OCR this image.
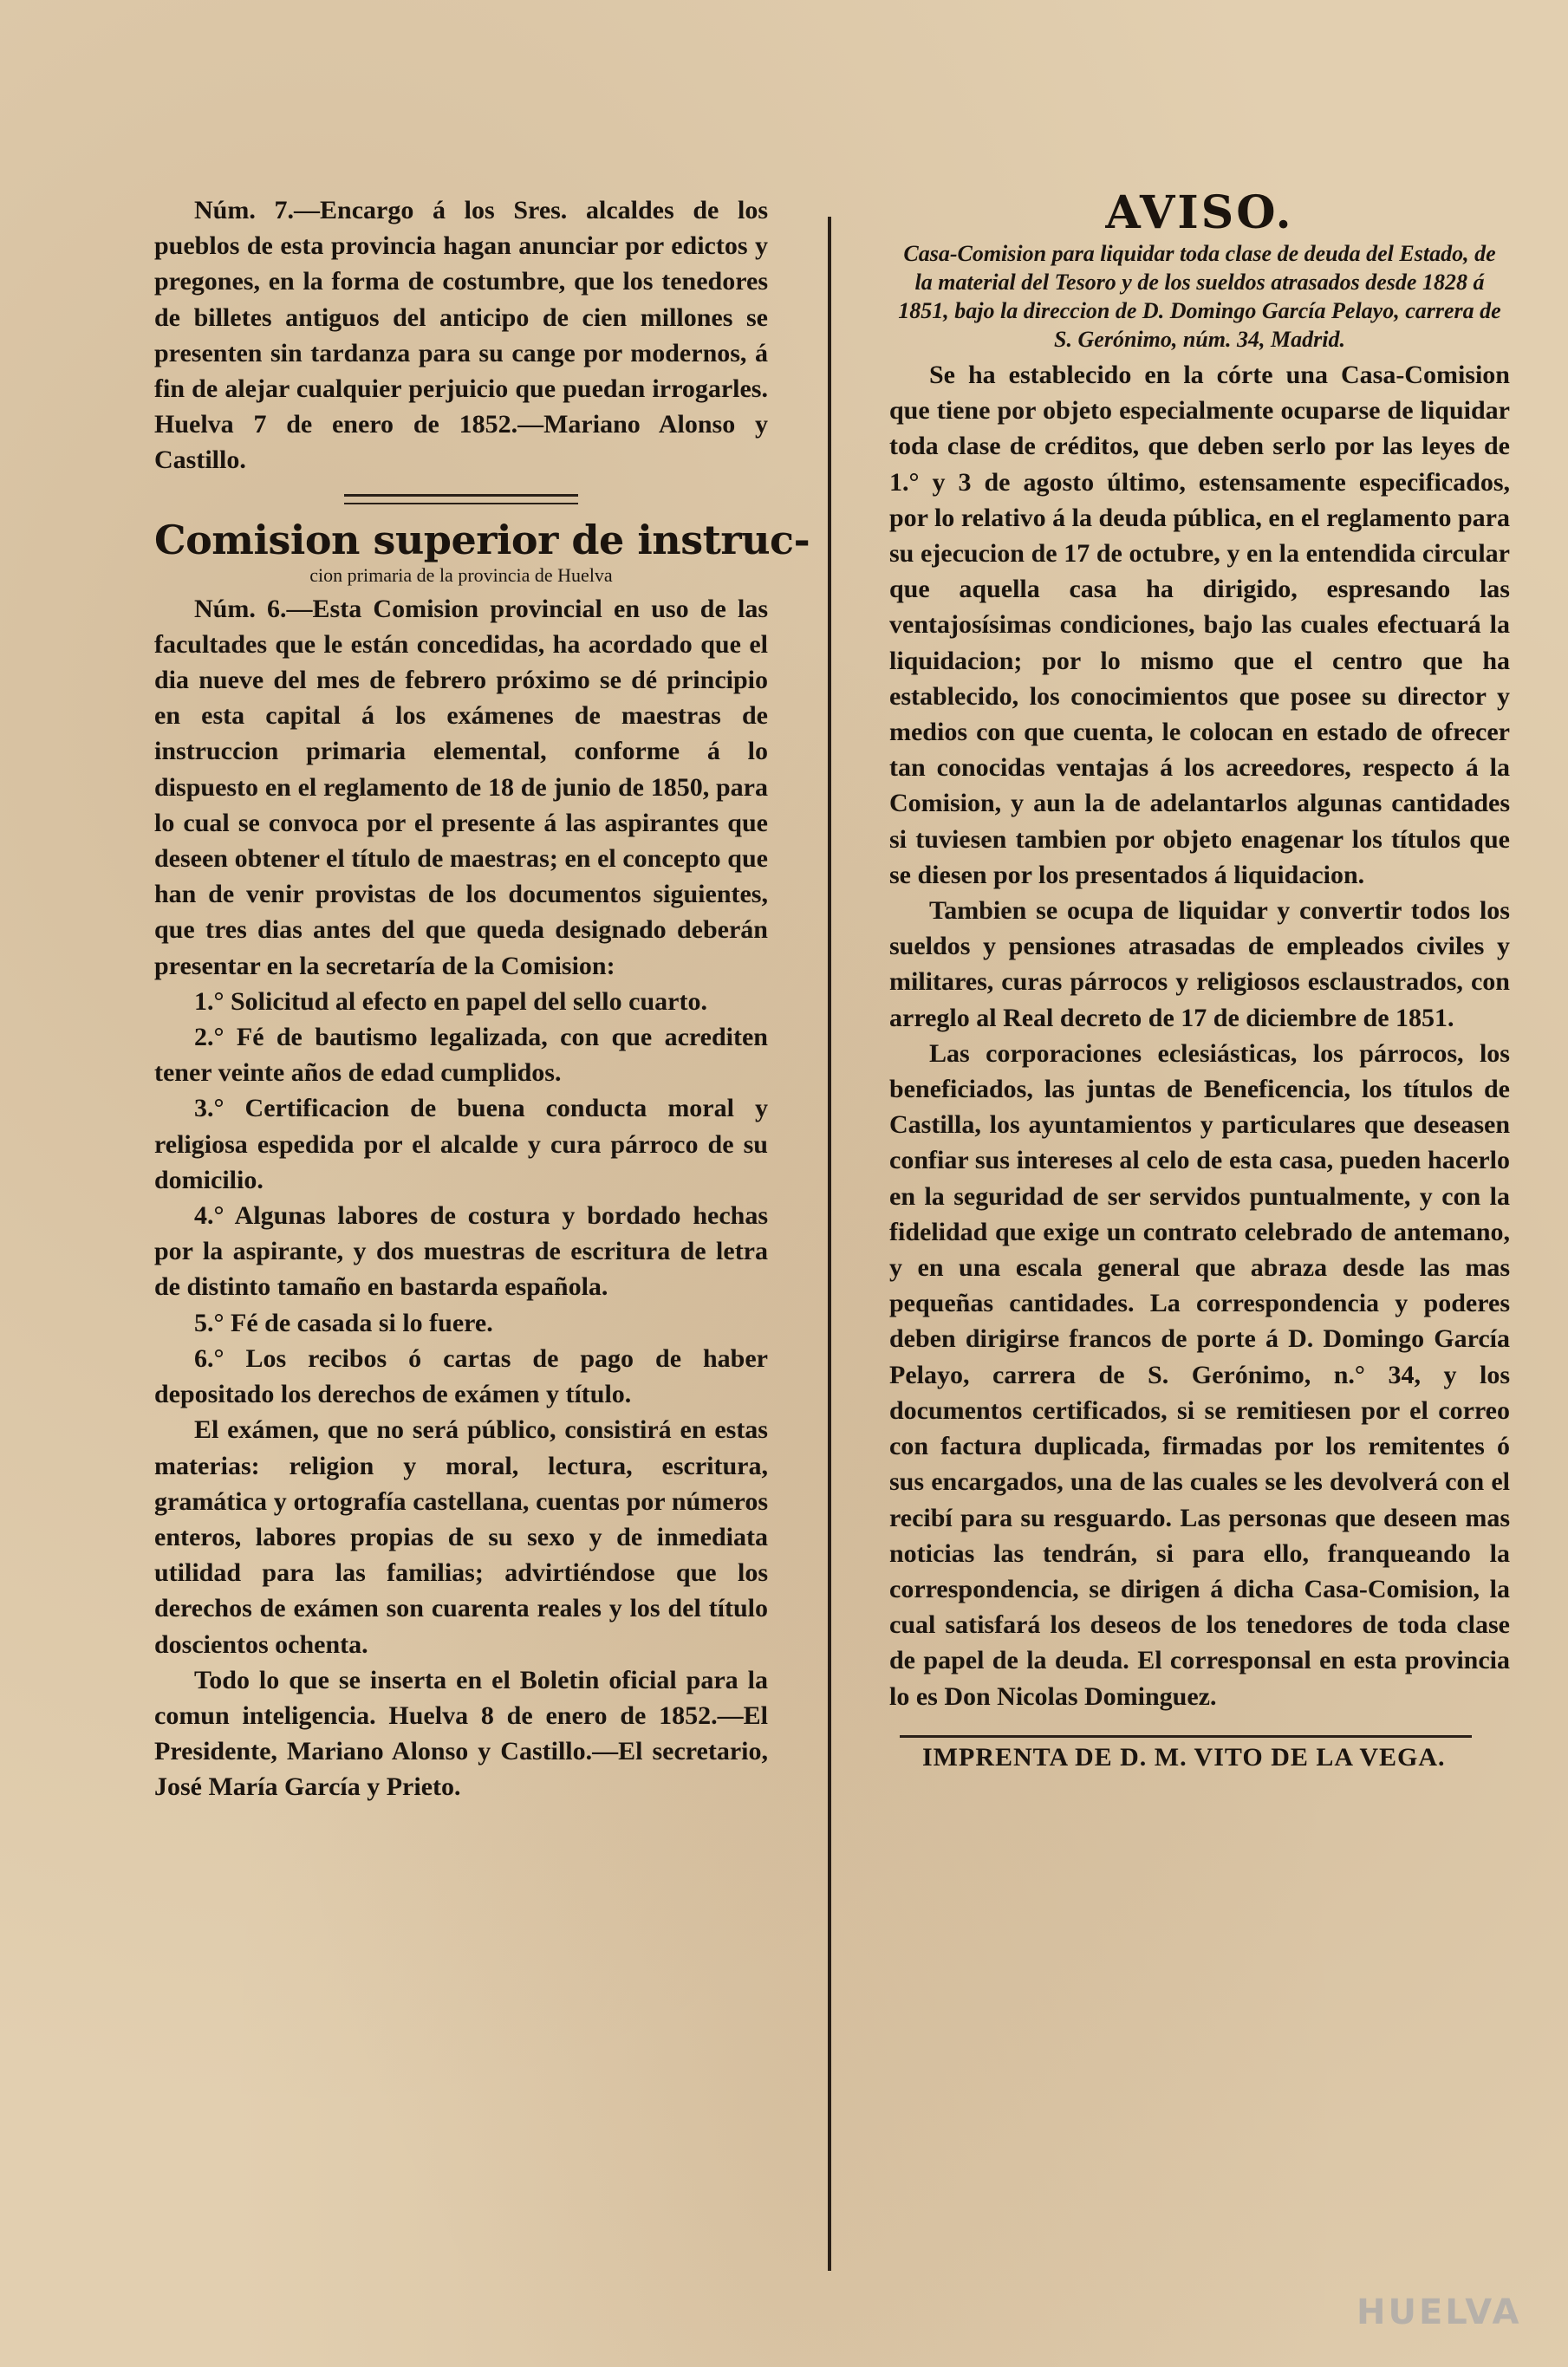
Núm. 7.—Encargo á los Sres. alcaldes de los pueblos de esta provincia hagan anunciar por edictos y pregones, en la forma de costumbre, que los tenedores de billetes antiguos del anticipo de cien millones se presenten sin tardanza para su cange por modernos, á fin de alejar cualquier perjuicio que puedan irrogarles. Huelva 7 de enero de 1852.—Mariano Alonso y Castillo.

Comision superior de instruc-
cion primaria de la provincia de Huelva

Núm. 6.—Esta Comision provincial en uso de las facultades que le están concedidas, ha acordado que el dia nueve del mes de febrero próximo se dé principio en esta capital á los exámenes de maestras de instruccion primaria elemental, conforme á lo dispuesto en el reglamento de 18 de junio de 1850, para lo cual se convoca por el presente á las aspirantes que deseen obtener el título de maestras; en el concepto que han de venir provistas de los documentos siguientes, que tres dias antes del que queda designado deberán presentar en la secretaría de la Comision:

1.° Solicitud al efecto en papel del sello cuarto.

2.° Fé de bautismo legalizada, con que acrediten tener veinte años de edad cumplidos.

3.° Certificacion de buena conducta moral y religiosa espedida por el alcalde y cura párroco de su domicilio.

4.° Algunas labores de costura y bordado hechas por la aspirante, y dos muestras de escritura de letra de distinto tamaño en bastarda española.

5.° Fé de casada si lo fuere.

6.° Los recibos ó cartas de pago de haber depositado los derechos de exámen y título.

El exámen, que no será público, consistirá en estas materias: religion y moral, lectura, escritura, gramática y ortografía castellana, cuentas por números enteros, labores propias de su sexo y de inmediata utilidad para las familias; advirtiéndose que los derechos de exámen son cuarenta reales y los del título doscientos ochenta.

Todo lo que se inserta en el Boletin oficial para la comun inteligencia. Huelva 8 de enero de 1852.—El Presidente, Mariano Alonso y Castillo.—El secretario, José María García y Prieto.

AVISO.
Casa-Comision para liquidar toda clase de deuda del Estado, de la material del Tesoro y de los sueldos atrasados desde 1828 á 1851, bajo la direccion de D. Domingo García Pelayo, carrera de S. Gerónimo, núm. 34, Madrid.

Se ha establecido en la córte una Casa-Comision que tiene por objeto especialmente ocuparse de liquidar toda clase de créditos, que deben serlo por las leyes de 1.° y 3 de agosto último, estensamente especificados, por lo relativo á la deuda pública, en el reglamento para su ejecucion de 17 de octubre, y en la entendida circular que aquella casa ha dirigido, espresando las ventajosísimas condiciones, bajo las cuales efectuará la liquidacion; por lo mismo que el centro que ha establecido, los conocimientos que posee su director y medios con que cuenta, le colocan en estado de ofrecer tan conocidas ventajas á los acreedores, respecto á la Comision, y aun la de adelantarlos algunas cantidades si tuviesen tambien por objeto enagenar los títulos que se diesen por los presentados á liquidacion.

Tambien se ocupa de liquidar y convertir todos los sueldos y pensiones atrasadas de empleados civiles y militares, curas párrocos y religiosos esclaustrados, con arreglo al Real decreto de 17 de diciembre de 1851.

Las corporaciones eclesiásticas, los párrocos, los beneficiados, las juntas de Beneficencia, los títulos de Castilla, los ayuntamientos y particulares que deseasen confiar sus intereses al celo de esta casa, pueden hacerlo en la seguridad de ser servidos puntualmente, y con la fidelidad que exige un contrato celebrado de antemano, y en una escala general que abraza desde las mas pequeñas cantidades. La correspondencia y poderes deben dirigirse francos de porte á D. Domingo García Pelayo, carrera de S. Gerónimo, n.° 34, y los documentos certificados, si se remitiesen por el correo con factura duplicada, firmadas por los remitentes ó sus encargados, una de las cuales se les devolverá con el recibí para su resguardo. Las personas que deseen mas noticias las tendrán, si para ello, franqueando la correspondencia, se dirigen á dicha Casa-Comision, la cual satisfará los deseos de los tenedores de toda clase de papel de la deuda. El corresponsal en esta provincia lo es Don Nicolas Dominguez.

IMPRENTA DE D. M. VITO DE LA VEGA.
HUELVA
